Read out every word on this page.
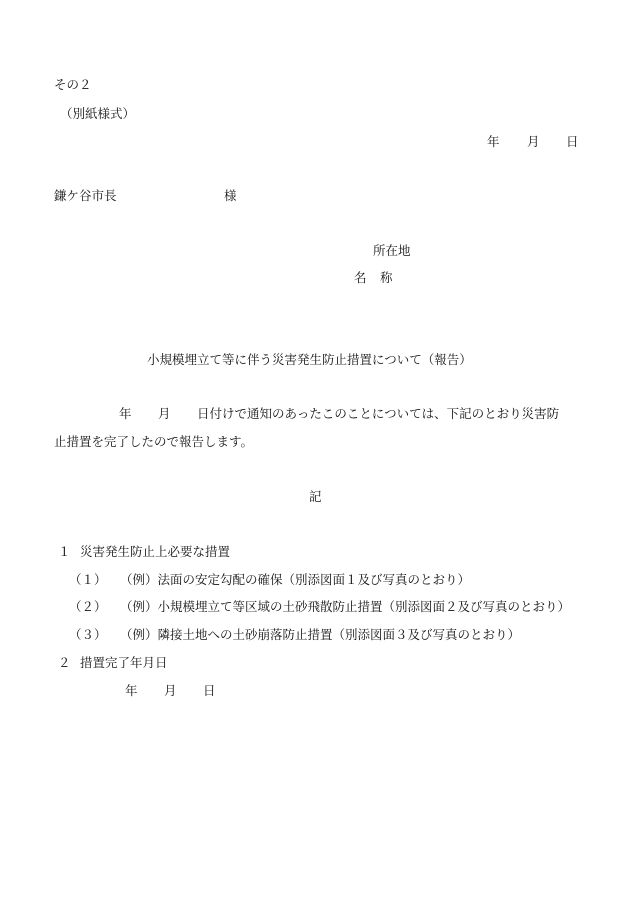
その２
（別紙様式）
年 月 日
鎌ケ谷市長	様
所在地
名 称
小規模埋立て等に伴う災害発生防止措置について（報告）
年 月 日付けで通知のあったこのことについては、下記のとおり災害防
止措置を完了したので報告します。
記
１ 災害発生防止上必要な措置
（１） （例）法面の安定勾配の確保（別添図面１及び写真のとおり）
（２） （例）小規模埋立て等区域の土砂飛散防止措置（別添図面２及び写真のとおり）
（３） （例）隣接土地への土砂崩落防止措置（別添図面３及び写真のとおり）
２ 措置完了年月日
年 月 日
